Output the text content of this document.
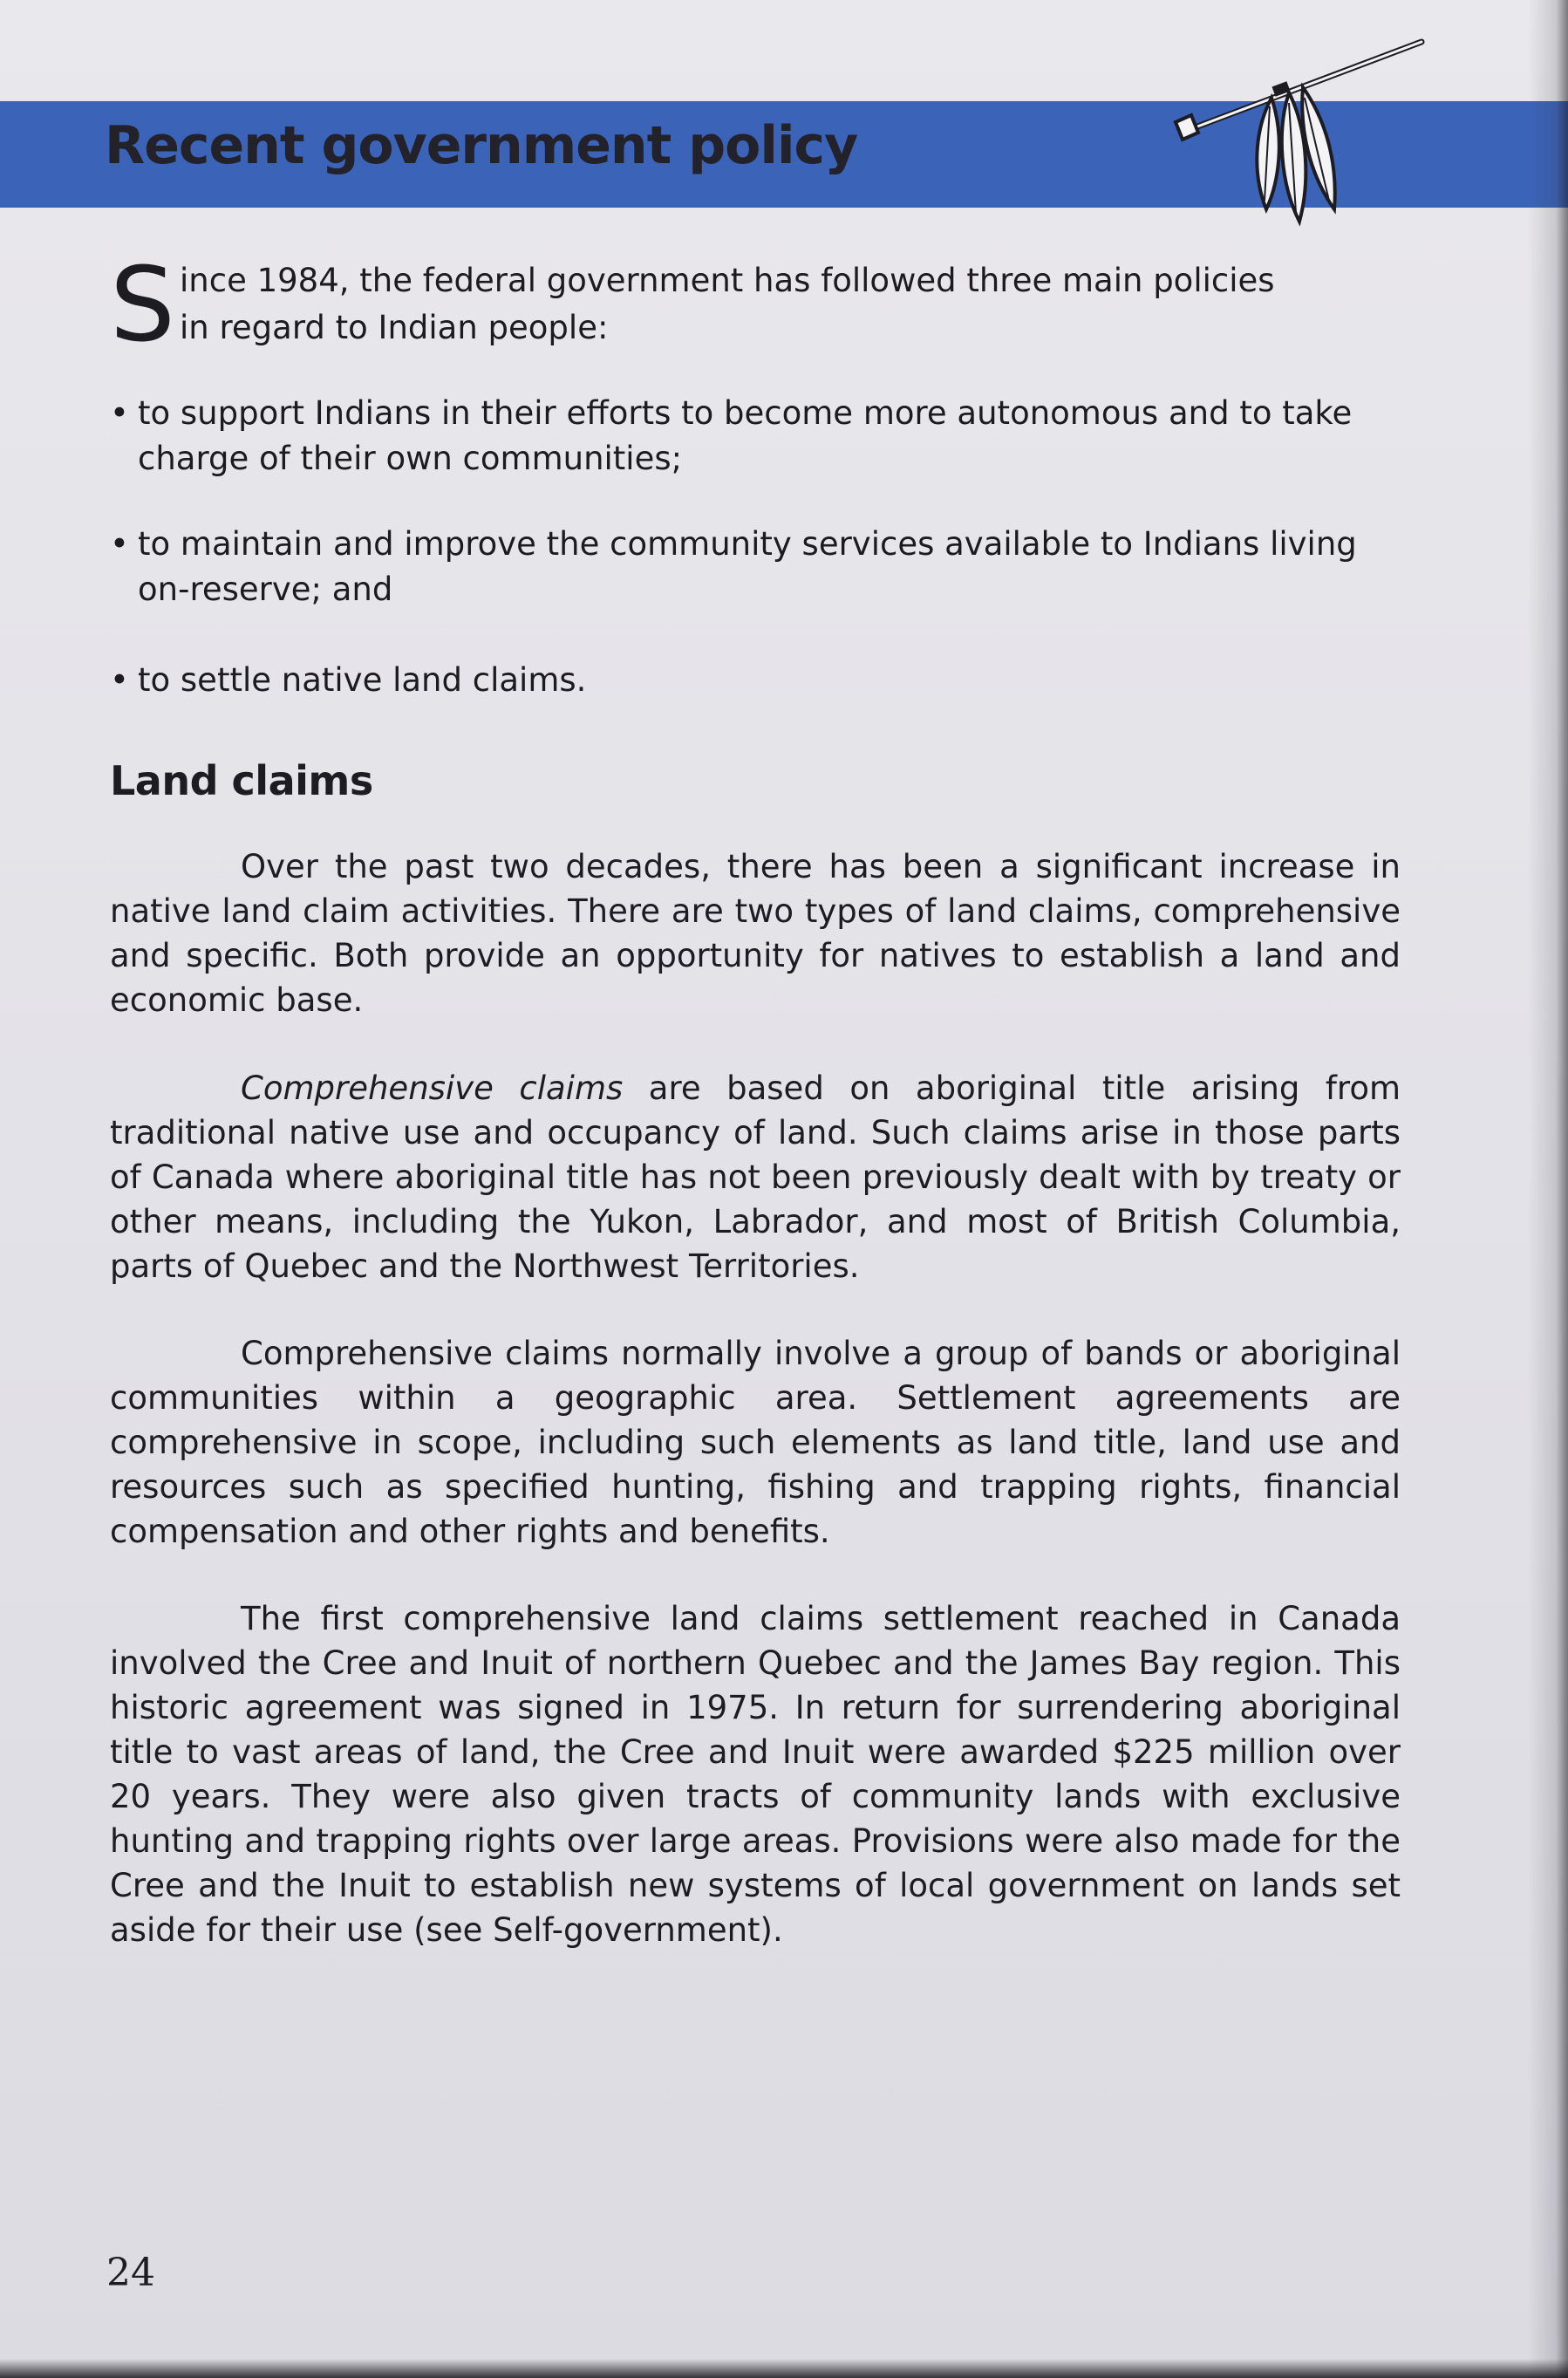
Recent government policy
S ince 1984, the federal government has followed three main policies
in regard to Indian people:
• to support Indians in their efforts to become more autonomous and to take charge of their own communities;
• to maintain and improve the community services available to Indians living on-reserve; and
• to settle native land claims.
Land claims
Over the past two decades, there has been a significant increase in native land claim activities. There are two types of land claims, comprehensive and specific. Both provide an opportunity for natives to establish a land and economic base.
Comprehensive claims are based on aboriginal title arising from traditional native use and occupancy of land. Such claims arise in those parts of Canada where aboriginal title has not been previously dealt with by treaty or other means, including the Yukon, Labrador, and most of British Columbia, parts of Quebec and the Northwest Territories.
Comprehensive claims normally involve a group of bands or aboriginal communities within a geographic area. Settlement agreements are comprehensive in scope, including such elements as land title, land use and resources such as specified hunting, fishing and trapping rights, financial compensation and other rights and benefits.
The first comprehensive land claims settlement reached in Canada involved the Cree and Inuit of northern Quebec and the James Bay region. This historic agreement was signed in 1975. In return for surrendering aboriginal title to vast areas of land, the Cree and Inuit were awarded $225 million over 20 years. They were also given tracts of community lands with exclusive hunting and trapping rights over large areas. Provisions were also made for the Cree and the Inuit to establish new systems of local government on lands set aside for their use (see Self-government).
24
